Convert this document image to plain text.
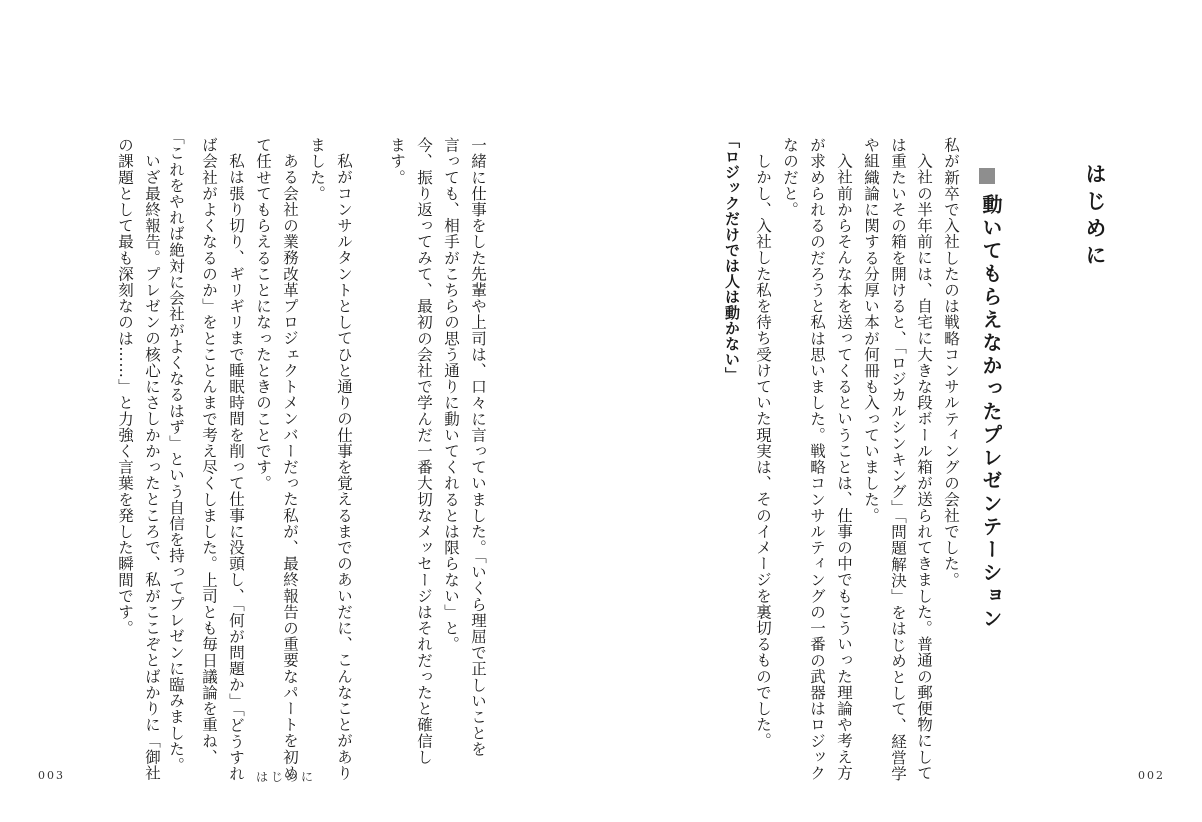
はじめに
動いてもらえなかったプレゼンテーション
私が新卒で入社したのは戦略コンサルティングの会社でした。
入社の半年前には、自宅に大きな段ボール箱が送られてきました。普通の郵便物にして
は重たいその箱を開けると、「ロジカルシンキング」「問題解決」をはじめとして、経営学
や組織論に関する分厚い本が何冊も入っていました。
入社前からそんな本を送ってくるということは、仕事の中でもこういった理論や考え方
が求められるのだろうと私は思いました。戦略コンサルティングの一番の武器はロジック
なのだと。
しかし、入社した私を待ち受けていた現実は、そのイメージを裏切るものでした。
「ロジックだけでは人は動かない」
一緒に仕事をした先輩や上司は、口々に言っていました。「いくら理屈で正しいことを
言っても、相手がこちらの思う通りに動いてくれるとは限らない」と。
今、振り返ってみて、最初の会社で学んだ一番大切なメッセージはそれだったと確信し
ます。
私がコンサルタントとしてひと通りの仕事を覚えるまでのあいだに、こんなことがあり
ました。
ある会社の業務改革プロジェクトメンバーだった私が、最終報告の重要なパートを初め
て任せてもらえることになったときのことです。
私は張り切り、ギリギリまで睡眠時間を削って仕事に没頭し、「何が問題か」「どうすれ
ば会社がよくなるのか」をとことんまで考え尽くしました。上司とも毎日議論を重ね、
「これをやれば絶対に会社がよくなるはず」という自信を持ってプレゼンに臨みました。
いざ最終報告。プレゼンの核心にさしかかったところで、私がここぞとばかりに「御社
の課題として最も深刻なのは……」と力強く言葉を発した瞬間です。
003	はじめに	002
